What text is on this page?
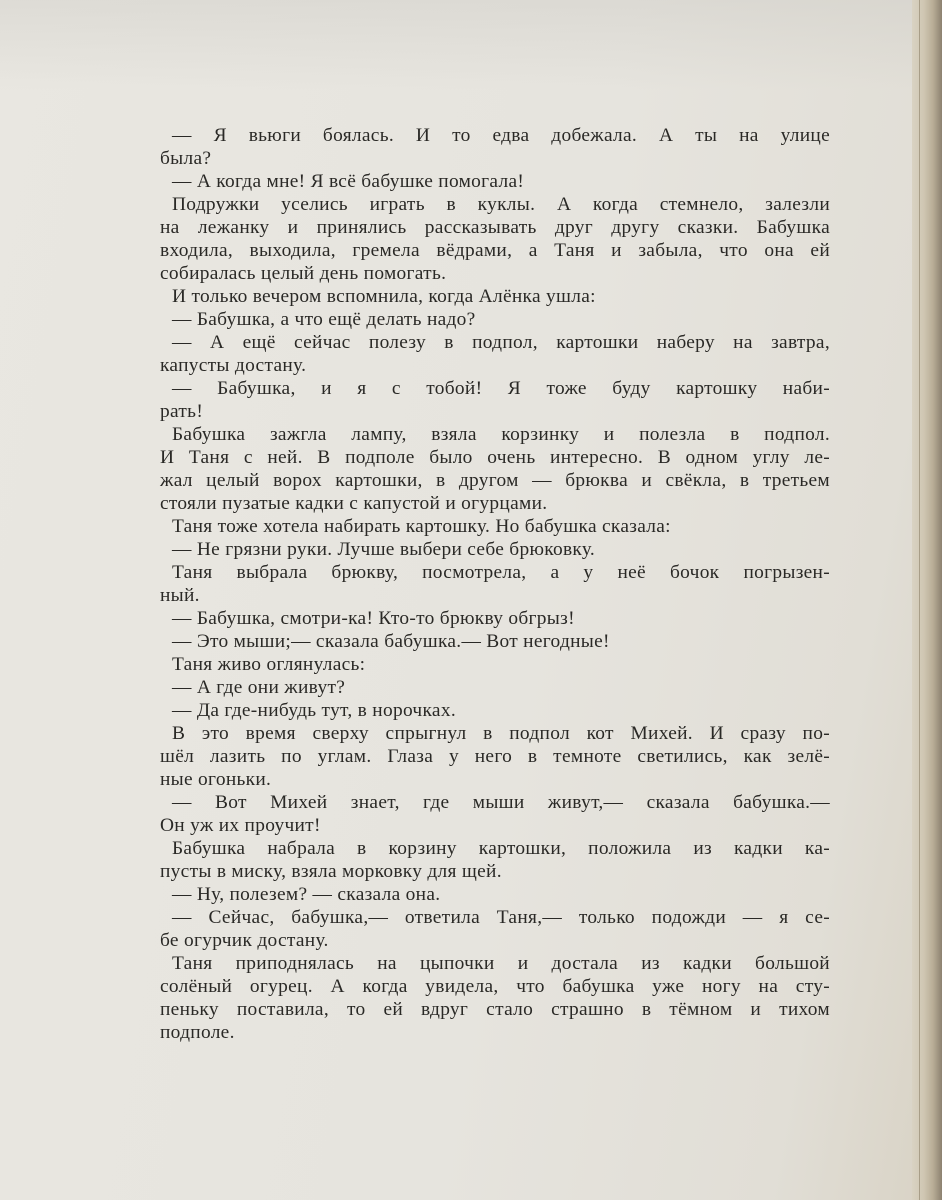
— Я вьюги боялась. И то едва добежала. А ты на улице
была?
— А когда мне! Я всё бабушке помогала!
Подружки уселись играть в куклы. А когда стемнело, залезли
на лежанку и принялись рассказывать друг другу сказки. Бабушка
входила, выходила, гремела вёдрами, а Таня и забыла, что она ей
собиралась целый день помогать.
И только вечером вспомнила, когда Алёнка ушла:
— Бабушка, а что ещё делать надо?
— А ещё сейчас полезу в подпол, картошки наберу на завтра,
капусты достану.
— Бабушка, и я с тобой! Я тоже буду картошку наби-
рать!
Бабушка зажгла лампу, взяла корзинку и полезла в подпол.
И Таня с ней. В подполе было очень интересно. В одном углу ле-
жал целый ворох картошки, в другом — брюква и свёкла, в третьем
стояли пузатые кадки с капустой и огурцами.
Таня тоже хотела набирать картошку. Но бабушка сказала:
— Не грязни руки. Лучше выбери себе брюковку.
Таня выбрала брюкву, посмотрела, а у неё бочок погрызен-
ный.
— Бабушка, смотри-ка! Кто-то брюкву обгрыз!
— Это мыши;— сказала бабушка.— Вот негодные!
Таня живо оглянулась:
— А где они живут?
— Да где-нибудь тут, в норочках.
В это время сверху спрыгнул в подпол кот Михей. И сразу по-
шёл лазить по углам. Глаза у него в темноте светились, как зелё-
ные огоньки.
— Вот Михей знает, где мыши живут,— сказала бабушка.—
Он уж их проучит!
Бабушка набрала в корзину картошки, положила из кадки ка-
пусты в миску, взяла морковку для щей.
— Ну, полезем? — сказала она.
— Сейчас, бабушка,— ответила Таня,— только подожди — я се-
бе огурчик достану.
Таня приподнялась на цыпочки и достала из кадки большой
солёный огурец. А когда увидела, что бабушка уже ногу на сту-
пеньку поставила, то ей вдруг стало страшно в тёмном и тихом
подполе.
